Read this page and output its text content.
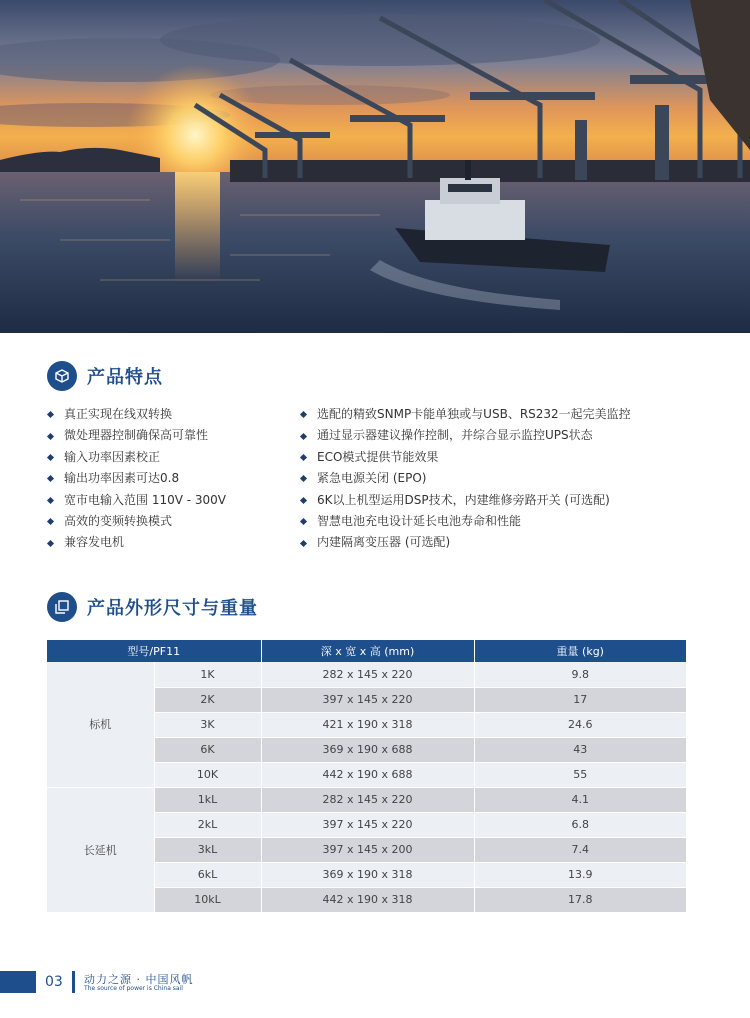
产品特点
真正实现在线双转换
微处理器控制确保高可靠性
输入功率因素校正
输出功率因素可达0.8
宽市电输入范围 110V - 300V
高效的变频转换模式
兼容发电机
选配的精致SNMP卡能单独或与USB、RS232一起完美监控
通过显示器建议操作控制，并综合显示监控UPS状态
ECO模式提供节能效果
紧急电源关闭 (EPO)
6K以上机型运用DSP技术，内建维修旁路开关 (可选配)
智慧电池充电设计延长电池寿命和性能
内建隔离变压器 (可选配)
产品外形尺寸与重量
型号/PF11		深 x 宽 x 高 (mm)	重量 (kg)
标机	1K	282 x 145 x 220	9.8
	2K	397 x 145 x 220	17
	3K	421 x 190 x 318	24.6
	6K	369 x 190 x 688	43
	10K	442 x 190 x 688	55
长延机	1kL	282 x 145 x 220	4.1
	2kL	397 x 145 x 220	6.8
	3kL	397 x 145 x 200	7.4
	6kL	369 x 190 x 318	13.9
	10kL	442 x 190 x 318	17.8
03 动力之源 · 中国风帆
The source of power is China sail
